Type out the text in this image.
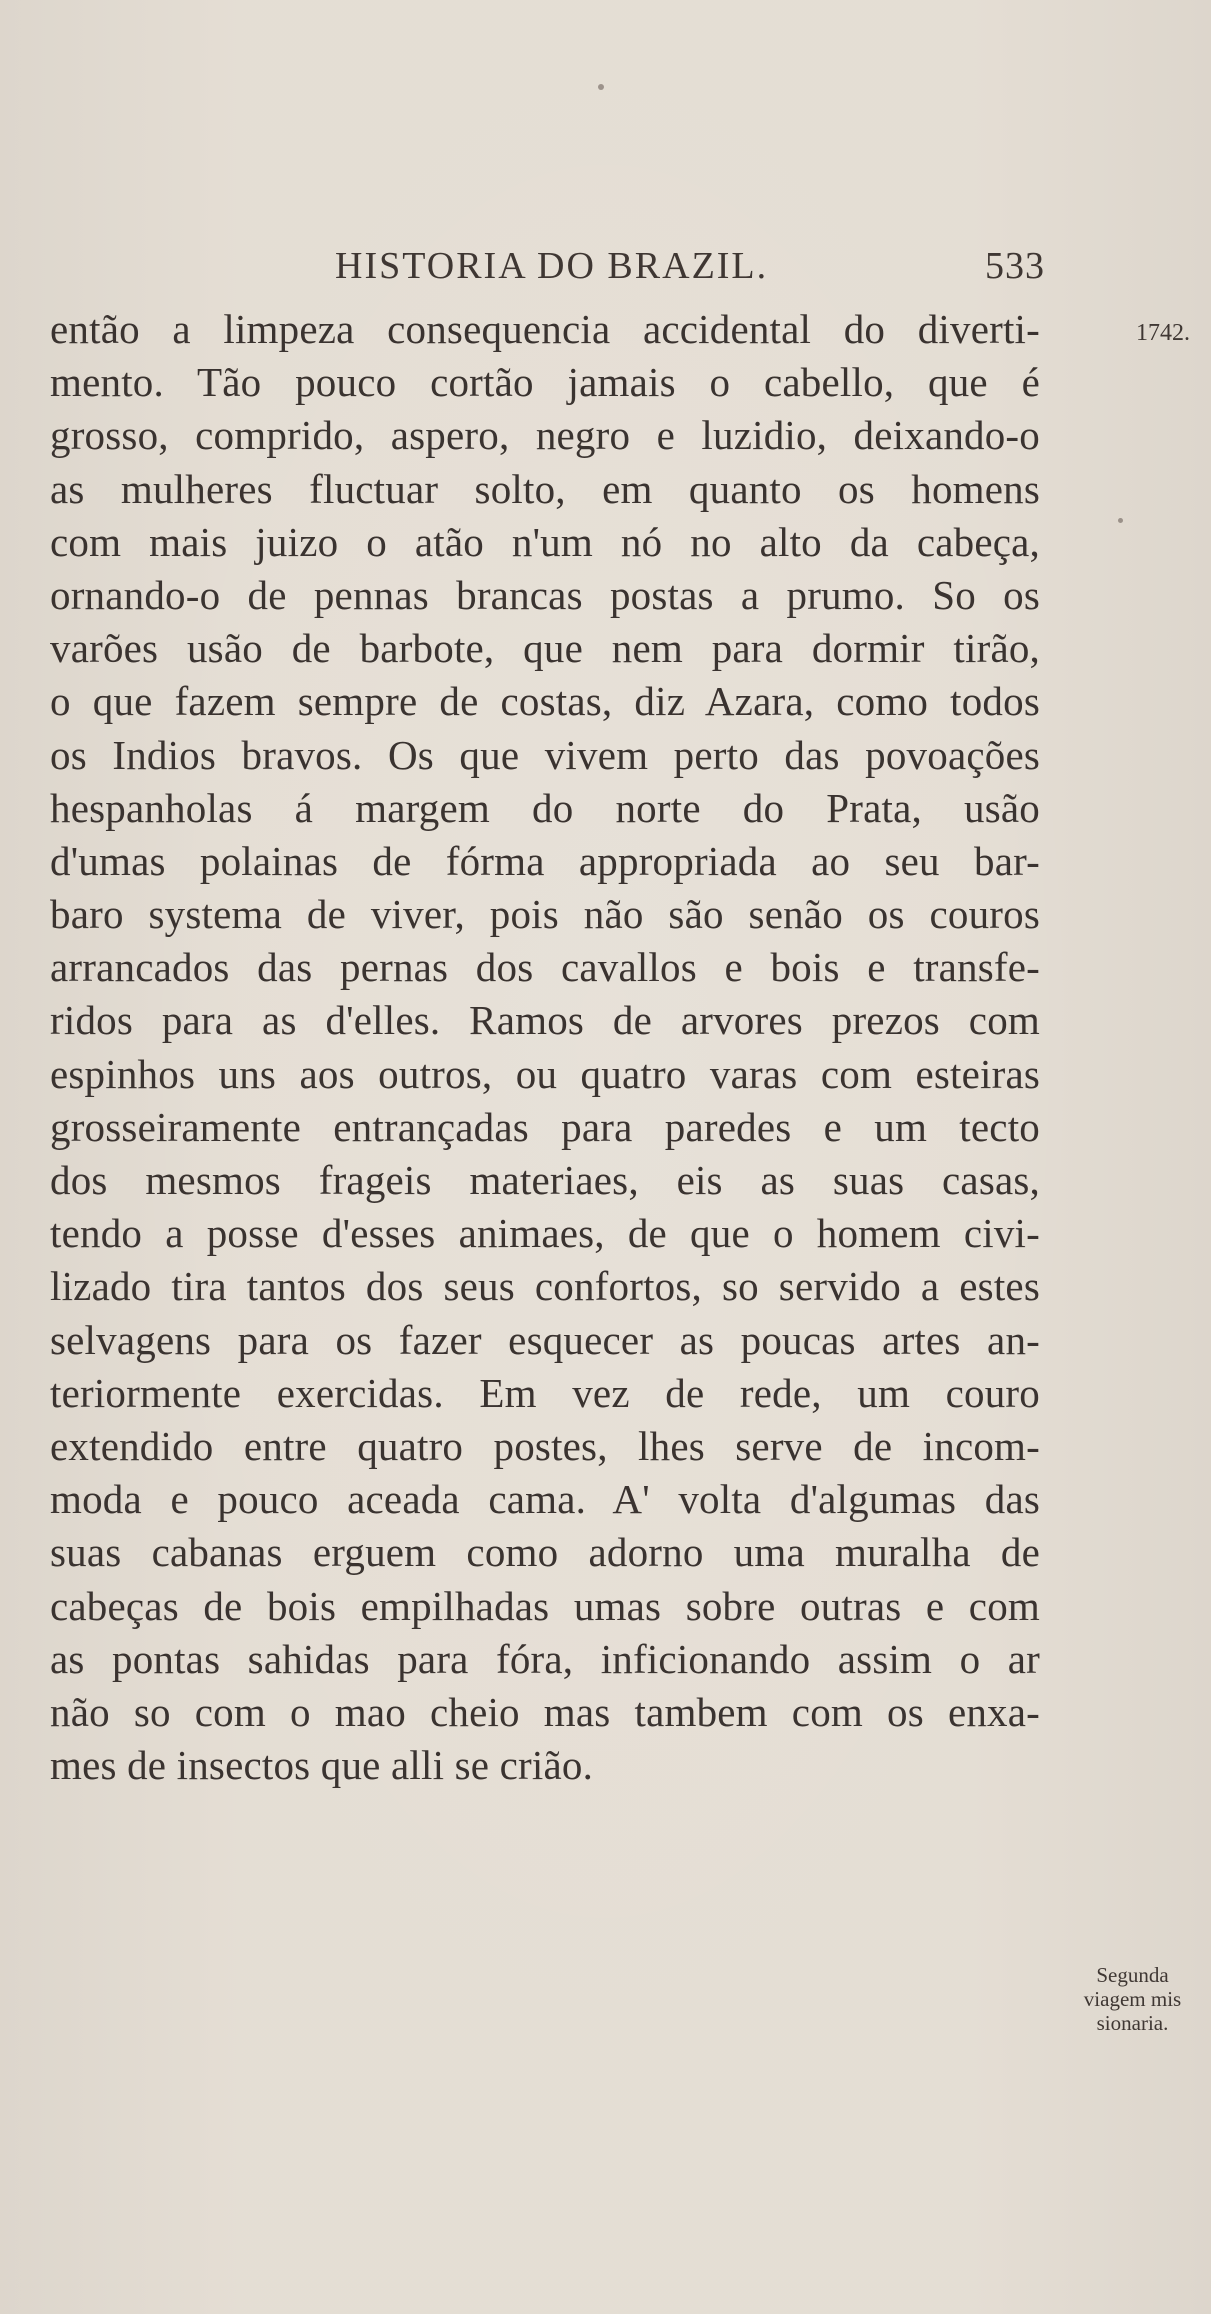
HISTORIA DO BRAZIL.	533
1742.
então a limpeza consequencia accidental do diverti-
mento. Tão pouco cortão jamais o cabello, que é
grosso, comprido, aspero, negro e luzidio, deixando-o
as mulheres fluctuar solto, em quanto os homens
com mais juizo o atão n'um nó no alto da cabeça,
ornando-o de pennas brancas postas a prumo. So os
varões usão de barbote, que nem para dormir tirão,
o que fazem sempre de costas, diz Azara, como todos
os Indios bravos. Os que vivem perto das povoações
hespanholas á margem do norte do Prata, usão
d'umas polainas de fórma appropriada ao seu bar-
baro systema de viver, pois não são senão os couros
arrancados das pernas dos cavallos e bois e transfe-
ridos para as d'elles. Ramos de arvores prezos com
espinhos uns aos outros, ou quatro varas com esteiras
grosseiramente entrançadas para paredes e um tecto
dos mesmos frageis materiaes, eis as suas casas,
tendo a posse d'esses animaes, de que o homem civi-
lizado tira tantos dos seus confortos, so servido a estes
selvagens para os fazer esquecer as poucas artes an-
teriormente exercidas. Em vez de rede, um couro
extendido entre quatro postes, lhes serve de incom-
moda e pouco aceada cama. A' volta d'algumas das
suas cabanas erguem como adorno uma muralha de
cabeças de bois empilhadas umas sobre outras e com
as pontas sahidas para fóra, inficionando assim o ar
não so com o mao cheio mas tambem com os enxa-
mes de insectos que alli se crião.
Segunda
viagem mis
sionaria.
